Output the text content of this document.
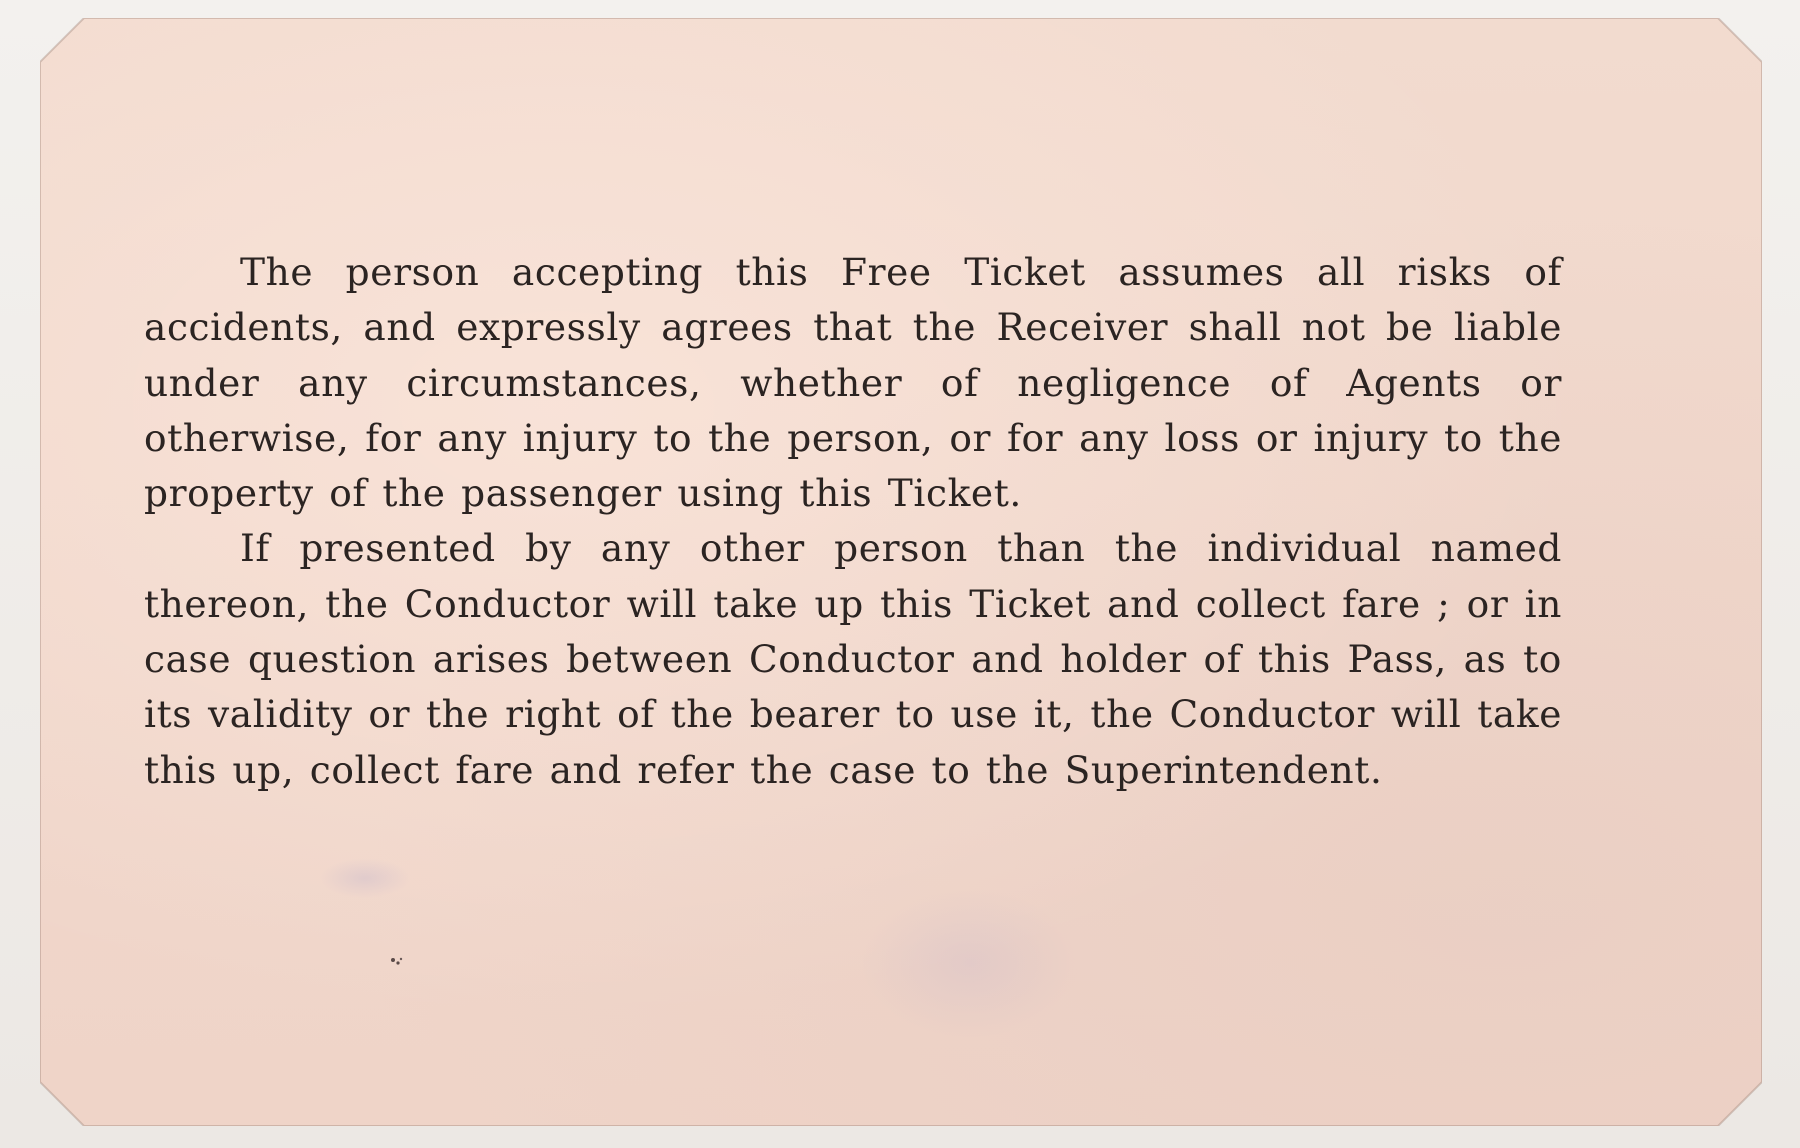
The person accepting this Free Ticket assumes all risks of accidents, and expressly agrees that the Receiver shall not be liable under any circumstances, whether of negligence of Agents or otherwise, for any injury to the person, or for any loss or injury to the property of the passenger using this Ticket.

If presented by any other person than the individual named thereon, the Conductor will take up this Ticket and collect fare ; or in case question arises between Conductor and holder of this Pass, as to its validity or the right of the bearer to use it, the Conductor will take this up, collect fare and refer the case to the Superintendent.
